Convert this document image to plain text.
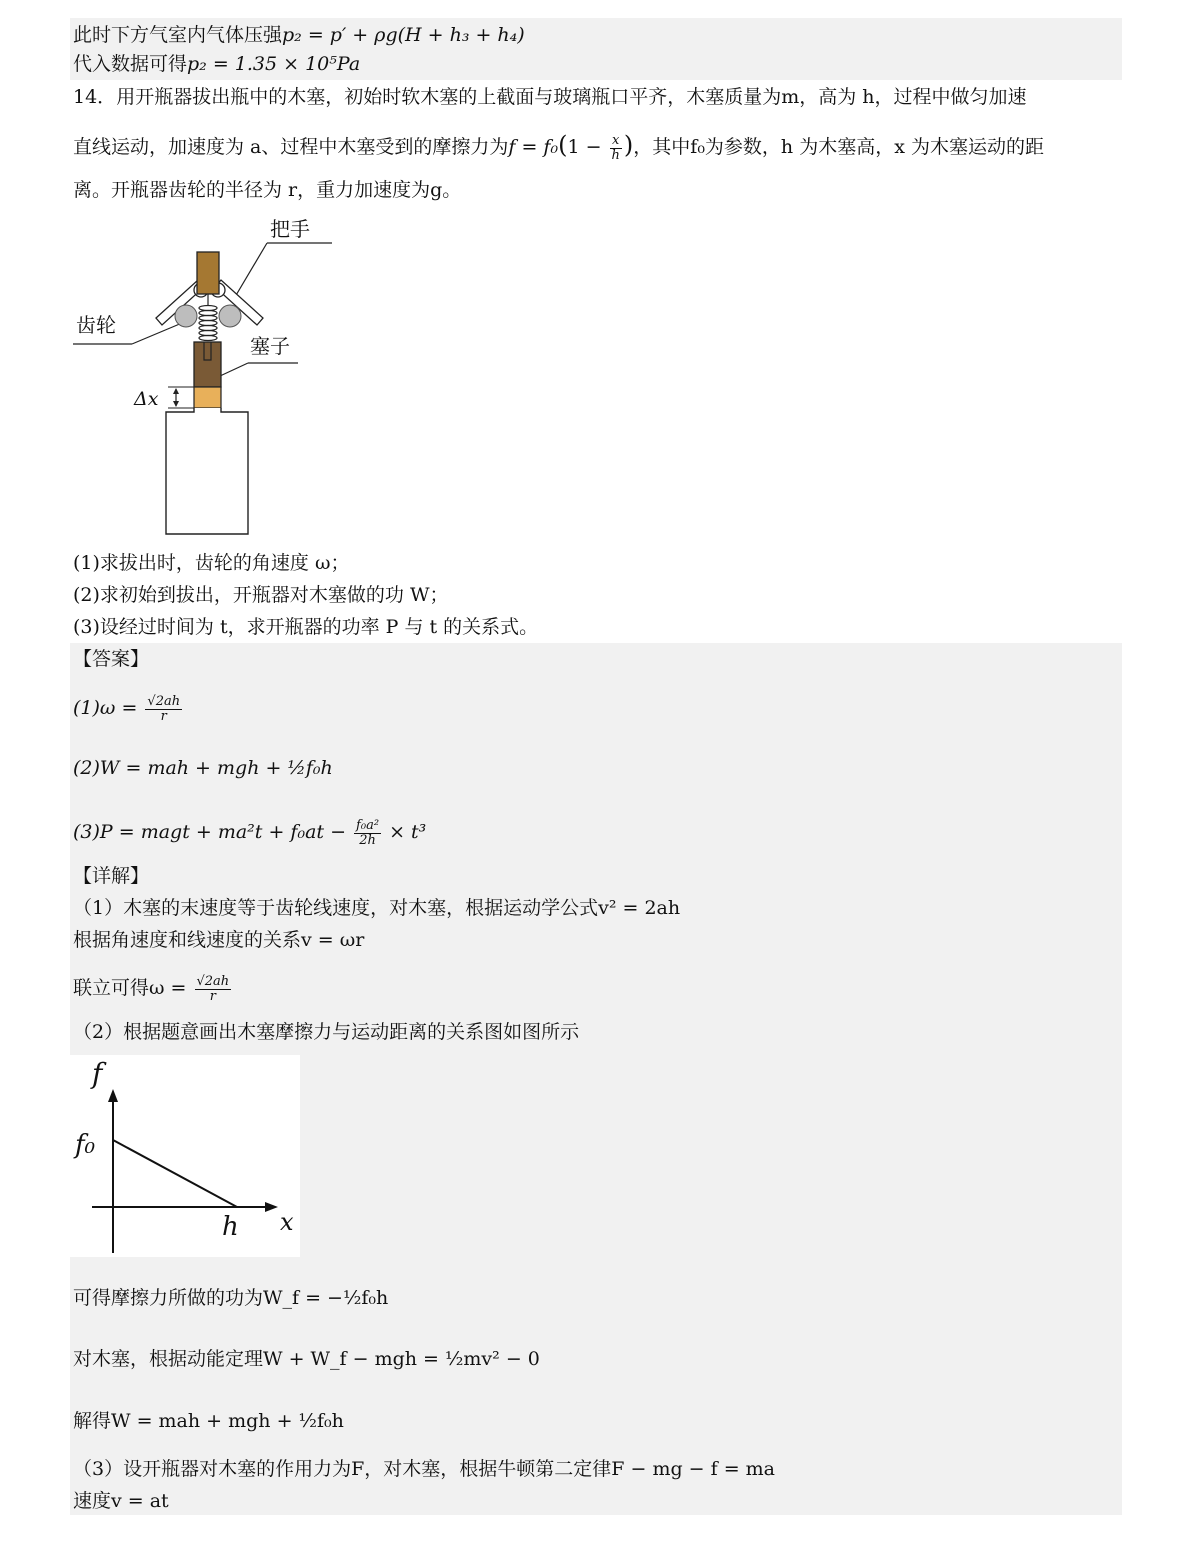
此时下方气室内气体压强p₂ = p′ + ρg(H + h₃ + h₄)
代入数据可得p₂ = 1.35 × 10⁵Pa
14．用开瓶器拔出瓶中的木塞，初始时软木塞的上截面与玻璃瓶口平齐，木塞质量为m，高为 h，过程中做匀加速
直线运动，加速度为 a、过程中木塞受到的摩擦力为$f = f_0(1 - \frac{x}{h}$ )，其中f₀为参数，h 为木塞高，x 为木塞运动的距
离。开瓶器齿轮的半径为 r，重力加速度为g。
把手
齿轮
塞子
Δx
(1)求拔出时，齿轮的角速度 ω；
(2)求初始到拔出，开瓶器对木塞做的功 W；
(3)设经过时间为 t，求开瓶器的功率 P 与 t 的关系式。
【答案】
$(1)\omega = \frac{√2ah}{r}$
(2)W = mah + mgh + ½f₀h
(3)P = magt + $ma^2t + f_0at - \frac{\text{f₀a²}}{2h} \times t^3$
【详解】
（1）木塞的末速度等于齿轮线速度，对木塞，根据运动学公式v² = 2ah
根据角速度和线速度的关系v = ωr
联立可得$\omega = \frac{√2ah}{r}$
（2）根据题意画出木塞摩擦力与运动距离的关系图如图所示
f
f₀
h x
可得摩擦力所做的功为W_f = −½f₀h
对木塞，根据动能定理W + W_f − mgh = ½mv² − 0
解得W = mah + mgh + ½f₀h
（3）设开瓶器对木塞的作用力为F，对木塞，根据牛顿第二定律F − mg − f = ma
速度v = at
